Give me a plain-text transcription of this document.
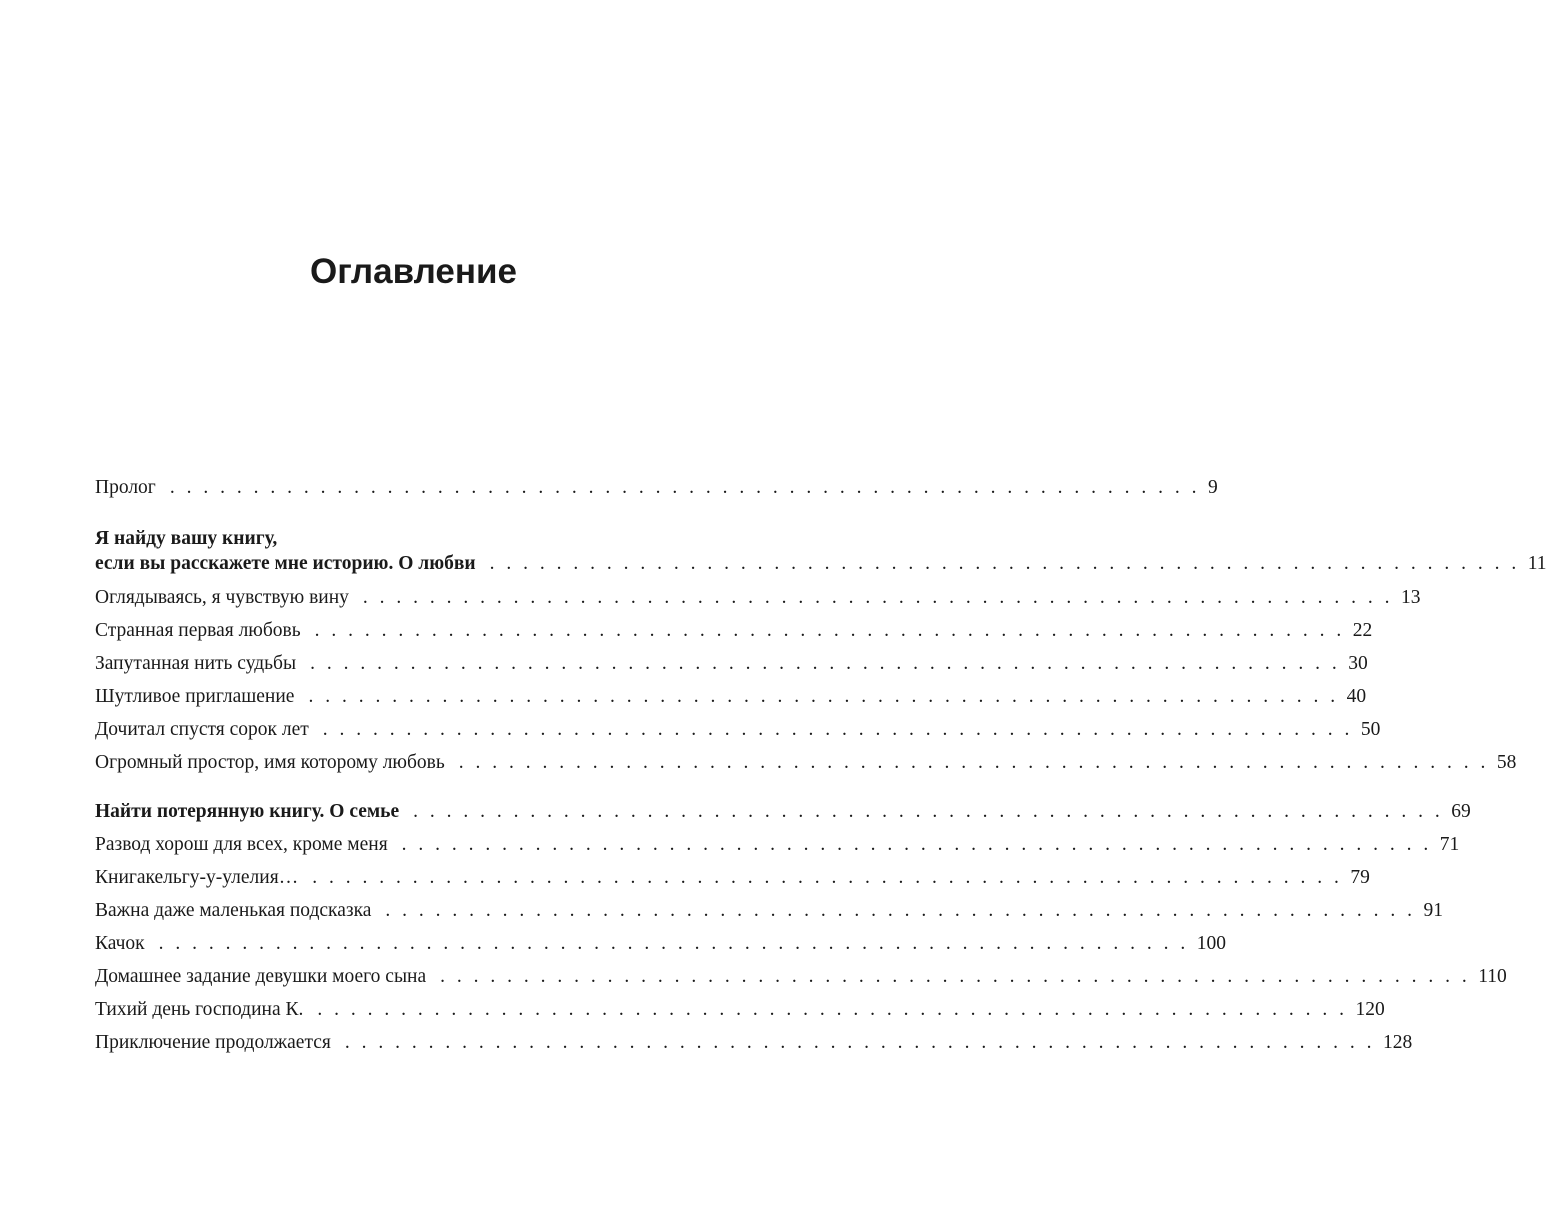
Оглавление
Пролог . . . . . . . . . . . . . . . . . . . . . . . . . . . . . . . . . . . . . . . . . . . . . . . . . . . . . . . . . . . . . . 9
Я найду вашу книгу,
если вы расскажете мне историю. О любви . . . . . . . . . . . . . . . . . . . . . . . . . . . . . . . . . . . . . . . . . . . . . . . . . . . . . . . . . . . . . . 11
Оглядываясь, я чувствую вину . . . . . . . . . . . . . . . . . . . . . . . . . . . . . . . . . . . . . . . . . . . . . . . . . . . . . . . . . . . . . . 13
Странная первая любовь . . . . . . . . . . . . . . . . . . . . . . . . . . . . . . . . . . . . . . . . . . . . . . . . . . . . . . . . . . . . . . 22
Запутанная нить судьбы . . . . . . . . . . . . . . . . . . . . . . . . . . . . . . . . . . . . . . . . . . . . . . . . . . . . . . . . . . . . . . 30
Шутливое приглашение . . . . . . . . . . . . . . . . . . . . . . . . . . . . . . . . . . . . . . . . . . . . . . . . . . . . . . . . . . . . . . 40
Дочитал спустя сорок лет . . . . . . . . . . . . . . . . . . . . . . . . . . . . . . . . . . . . . . . . . . . . . . . . . . . . . . . . . . . . . . 50
Огромный простор, имя которому любовь . . . . . . . . . . . . . . . . . . . . . . . . . . . . . . . . . . . . . . . . . . . . . . . . . . . . . . . . . . . . . . 58
Найти потерянную книгу. О семье . . . . . . . . . . . . . . . . . . . . . . . . . . . . . . . . . . . . . . . . . . . . . . . . . . . . . . . . . . . . . . 69
Развод хорош для всех, кроме меня . . . . . . . . . . . . . . . . . . . . . . . . . . . . . . . . . . . . . . . . . . . . . . . . . . . . . . . . . . . . . . 71
Книгакельгу-у-улелия… . . . . . . . . . . . . . . . . . . . . . . . . . . . . . . . . . . . . . . . . . . . . . . . . . . . . . . . . . . . . . . 79
Важна даже маленькая подсказка . . . . . . . . . . . . . . . . . . . . . . . . . . . . . . . . . . . . . . . . . . . . . . . . . . . . . . . . . . . . . . 91
Качок . . . . . . . . . . . . . . . . . . . . . . . . . . . . . . . . . . . . . . . . . . . . . . . . . . . . . . . . . . . . . . 100
Домашнее задание девушки моего сына . . . . . . . . . . . . . . . . . . . . . . . . . . . . . . . . . . . . . . . . . . . . . . . . . . . . . . . . . . . . . . 110
Тихий день господина К. . . . . . . . . . . . . . . . . . . . . . . . . . . . . . . . . . . . . . . . . . . . . . . . . . . . . . . . . . . . . . . 120
Приключение продолжается . . . . . . . . . . . . . . . . . . . . . . . . . . . . . . . . . . . . . . . . . . . . . . . . . . . . . . . . . . . . . . 128
